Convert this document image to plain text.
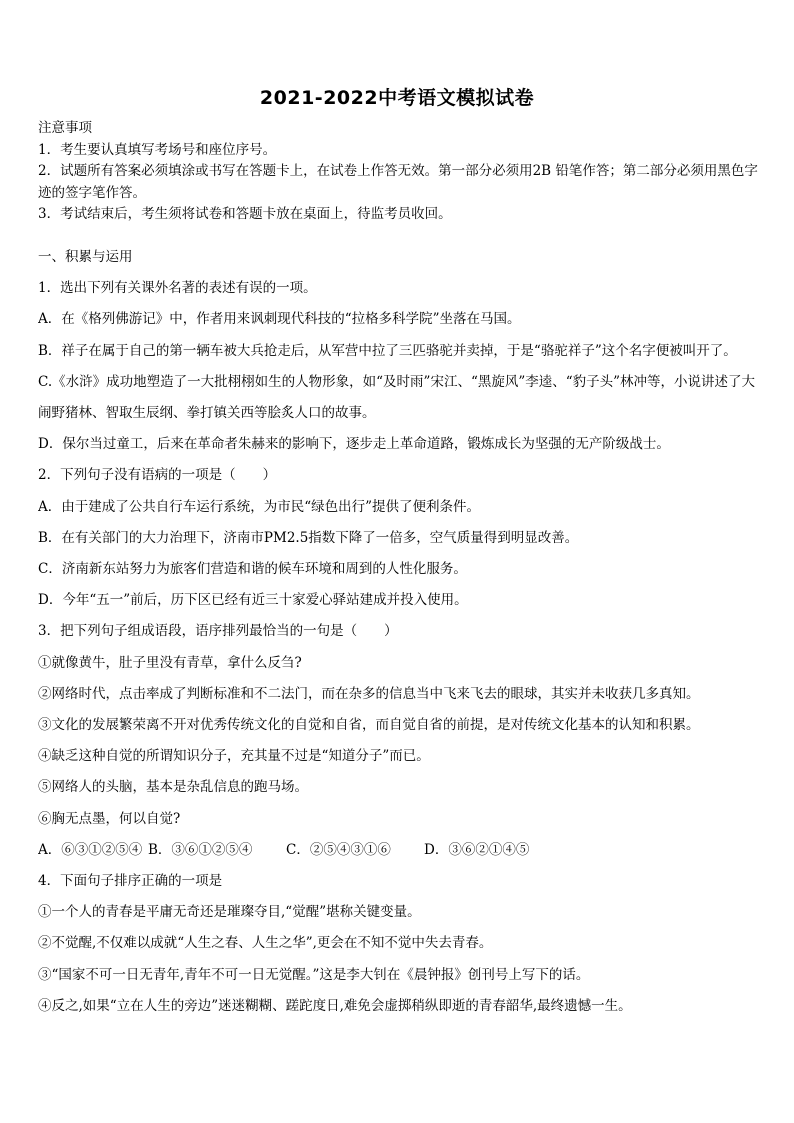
2021-2022中考语文模拟试卷
注意事项
1．考生要认真填写考场号和座位序号。
2．试题所有答案必须填涂或书写在答题卡上，在试卷上作答无效。第一部分必须用2B 铅笔作答；第二部分必须用黑色字迹的签字笔作答。
3．考试结束后，考生须将试卷和答题卡放在桌面上，待监考员收回。
一、积累与运用
1．选出下列有关课外名著的表述有误的一项。
A．在《格列佛游记》中，作者用来讽刺现代科技的“拉格多科学院”坐落在马国。
B．祥子在属于自己的第一辆车被大兵抢走后，从军营中拉了三匹骆驼并卖掉，于是“骆驼祥子”这个名字便被叫开了。
C.《水浒》成功地塑造了一大批栩栩如生的人物形象，如“及时雨”宋江、“黑旋风”李逵、“豹子头”林冲等，小说讲述了大闹野猪林、智取生辰纲、拳打镇关西等脍炙人口的故事。
D．保尔当过童工，后来在革命者朱赫来的影响下，逐步走上革命道路，锻炼成长为坚强的无产阶级战士。
2．下列句子没有语病的一项是（　　）
A．由于建成了公共自行车运行系统，为市民“绿色出行”提供了便利条件。
B．在有关部门的大力治理下，济南市PM2.5指数下降了一倍多，空气质量得到明显改善。
C．济南新东站努力为旅客们营造和谐的候车环境和周到的人性化服务。
D．今年“五一”前后，历下区已经有近三十家爱心驿站建成并投入使用。
3．把下列句子组成语段，语序排列最恰当的一句是（　　）
①就像黄牛，肚子里没有青草，拿什么反刍?
②网络时代，点击率成了判断标准和不二法门，而在杂多的信息当中飞来飞去的眼球，其实并未收获几多真知。
③文化的发展繁荣离不开对优秀传统文化的自觉和自省，而自觉自省的前提，是对传统文化基本的认知和积累。
④缺乏这种自觉的所谓知识分子，充其量不过是“知道分子”而已。
⑤网络人的头脑，基本是杂乱信息的跑马场。
⑥胸无点墨，何以自觉?
A．⑥③①②⑤④ B．③⑥①②⑤④	C．②⑤④③①⑥	D．③⑥②①④⑤
4．下面句子排序正确的一项是
①一个人的青春是平庸无奇还是璀璨夺目,“觉醒”堪称关键变量。
②不觉醒,不仅难以成就“人生之春、人生之华”,更会在不知不觉中失去青春。
③“国家不可一日无青年,青年不可一日无觉醒。”这是李大钊在《晨钟报》创刊号上写下的话。
④反之,如果“立在人生的旁边”迷迷糊糊、蹉跎度日,难免会虚掷稍纵即逝的青春韶华,最终遗憾一生。
